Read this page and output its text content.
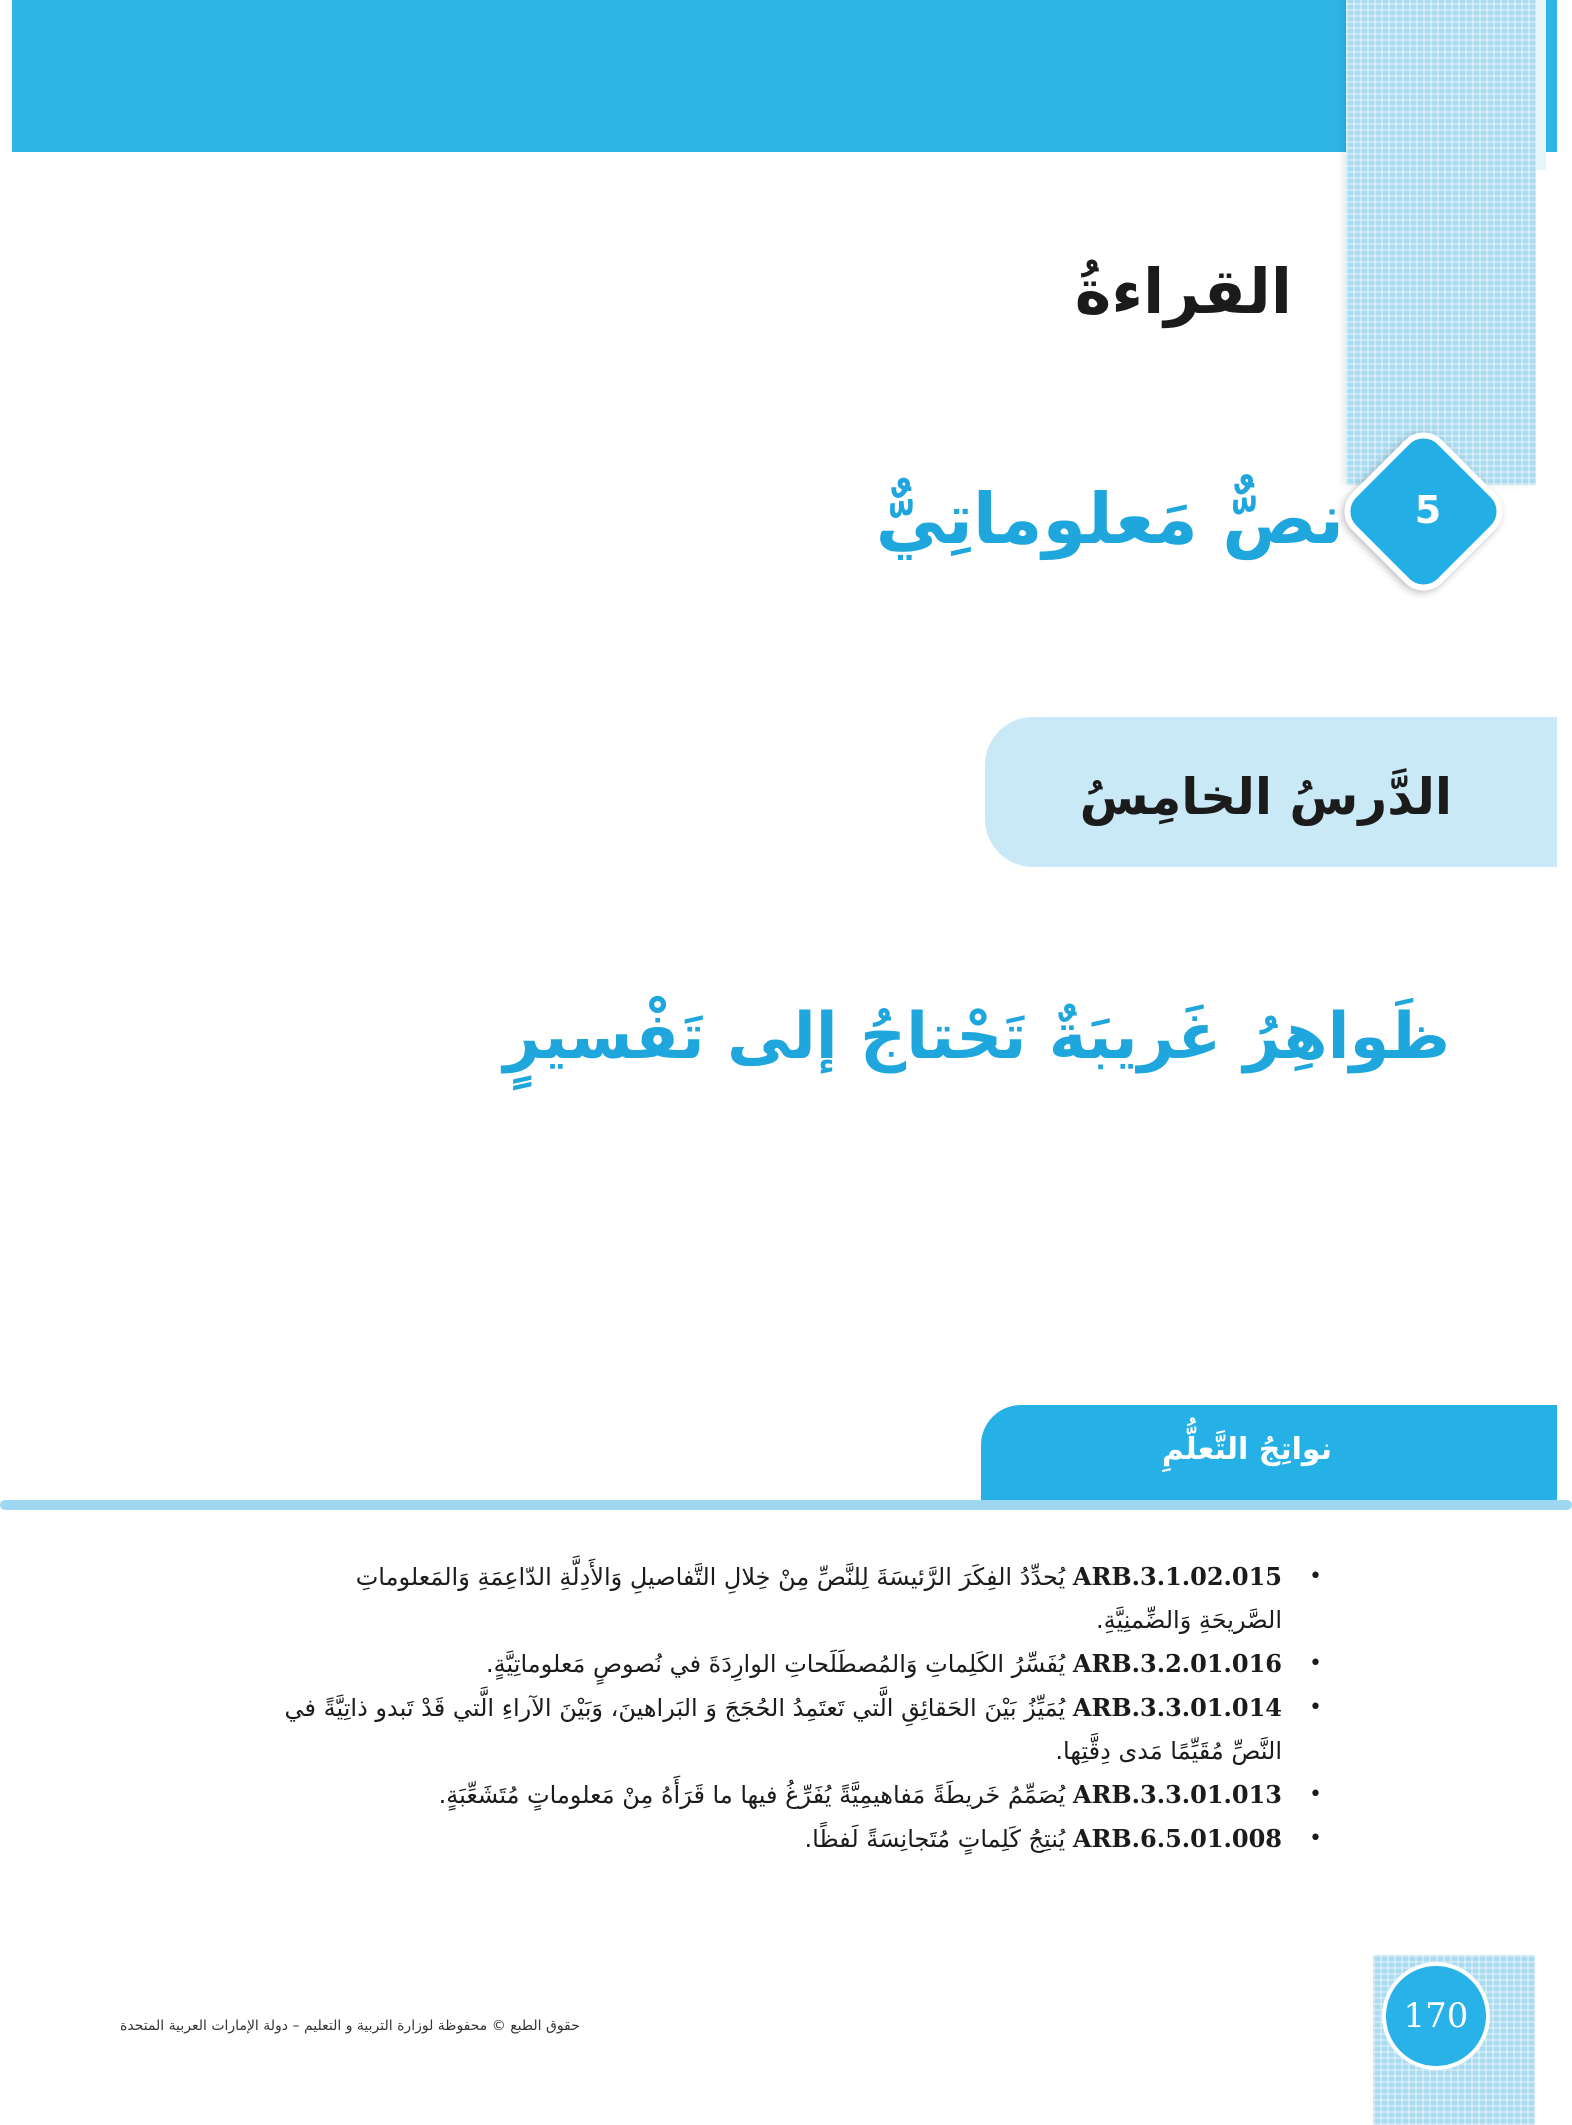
القراءةُ
5
نصٌّ مَعلوماتِيٌّ
الدَّرسُ الخامِسُ
ظَواهِرُ غَريبَةٌ تَحْتاجُ إلى تَفْسيرٍ
نواتِجُ التَّعلُّمِ
•
ARB.3.1.02.015 يُحدِّدُ الفِكَرَ الرَّئيسَةَ لِلنَّصِّ مِنْ خِلالِ التَّفاصيلِ وَالأَدِلَّةِ الدّاعِمَةِ وَالمَعلوماتِ الصَّريحَةِ وَالضِّمنِيَّةِ.
•
ARB.3.2.01.016 يُفَسِّرُ الكَلِماتِ وَالمُصطَلَحاتِ الوارِدَةَ في نُصوصٍ مَعلوماتِيَّةٍ.
•
ARB.3.3.01.014 يُمَيِّزُ بَيْنَ الحَقائِقِ الَّتي تَعتَمِدُ الحُجَجَ وَ البَراهينَ، وَبَيْنَ الآراءِ الَّتي قَدْ تَبدو ذاتِيَّةً في النَّصِّ مُقَيِّمًا مَدى دِقَّتِها.
•
ARB.3.3.01.013 يُصَمِّمُ خَريطَةً مَفاهيمِيَّةً يُفَرِّغُ فيها ما قَرَأَهُ مِنْ مَعلوماتٍ مُتَشَعِّبَةٍ.
•
ARB.6.5.01.008 يُنتِجُ كَلِماتٍ مُتَجانِسَةً لَفظًا.
حقوق الطبع © محفوظة لوزارة التربية و التعليم – دولة الإمارات العربية المتحدة	170
